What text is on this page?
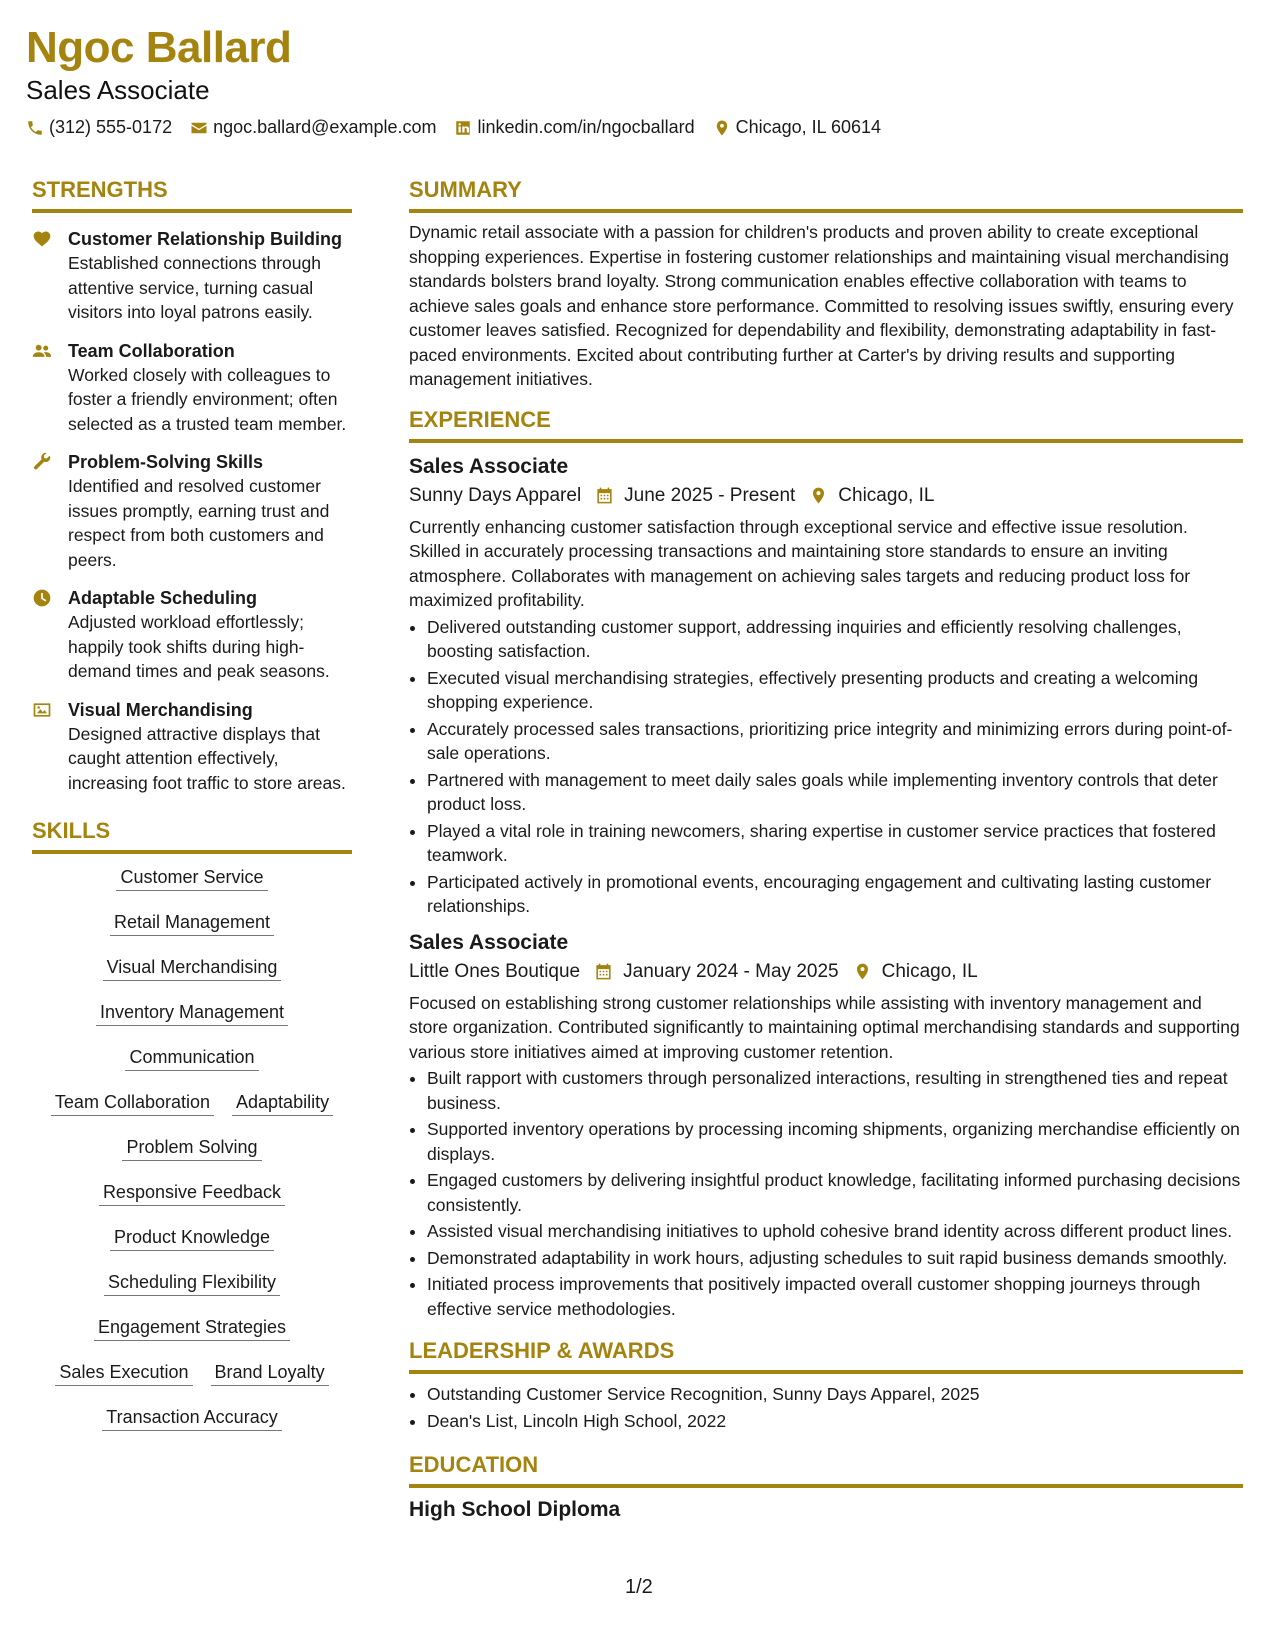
Ngoc Ballard
Sales Associate
(312) 555-0172 ngoc.ballard@example.com linkedin.com/in/ngocballard Chicago, IL 60614
STRENGTHS
Customer Relationship Building
Established connections through attentive service, turning casual visitors into loyal patrons easily.
Team Collaboration
Worked closely with colleagues to foster a friendly environment; often selected as a trusted team member.
Problem-Solving Skills
Identified and resolved customer issues promptly, earning trust and respect from both customers and peers.
Adaptable Scheduling
Adjusted workload effortlessly; happily took shifts during high-demand times and peak seasons.
Visual Merchandising
Designed attractive displays that caught attention effectively, increasing foot traffic to store areas.
SKILLS
Customer Service
Retail Management
Visual Merchandising
Inventory Management
Communication
Team Collaboration Adaptability
Problem Solving
Responsive Feedback
Product Knowledge
Scheduling Flexibility
Engagement Strategies
Sales Execution Brand Loyalty
Transaction Accuracy
SUMMARY
Dynamic retail associate with a passion for children's products and proven ability to create exceptional shopping experiences. Expertise in fostering customer relationships and maintaining visual merchandising standards bolsters brand loyalty. Strong communication enables effective collaboration with teams to achieve sales goals and enhance store performance. Committed to resolving issues swiftly, ensuring every customer leaves satisfied. Recognized for dependability and flexibility, demonstrating adaptability in fast-paced environments. Excited about contributing further at Carter's by driving results and supporting management initiatives.
EXPERIENCE
Sales Associate
Sunny Days Apparel June 2025 - Present Chicago, IL
Currently enhancing customer satisfaction through exceptional service and effective issue resolution. Skilled in accurately processing transactions and maintaining store standards to ensure an inviting atmosphere. Collaborates with management on achieving sales targets and reducing product loss for maximized profitability.
• Delivered outstanding customer support, addressing inquiries and efficiently resolving challenges, boosting satisfaction.
• Executed visual merchandising strategies, effectively presenting products and creating a welcoming shopping experience.
• Accurately processed sales transactions, prioritizing price integrity and minimizing errors during point-of-sale operations.
• Partnered with management to meet daily sales goals while implementing inventory controls that deter product loss.
• Played a vital role in training newcomers, sharing expertise in customer service practices that fostered teamwork.
• Participated actively in promotional events, encouraging engagement and cultivating lasting customer relationships.
Sales Associate
Little Ones Boutique January 2024 - May 2025 Chicago, IL
Focused on establishing strong customer relationships while assisting with inventory management and store organization. Contributed significantly to maintaining optimal merchandising standards and supporting various store initiatives aimed at improving customer retention.
• Built rapport with customers through personalized interactions, resulting in strengthened ties and repeat business.
• Supported inventory operations by processing incoming shipments, organizing merchandise efficiently on displays.
• Engaged customers by delivering insightful product knowledge, facilitating informed purchasing decisions consistently.
• Assisted visual merchandising initiatives to uphold cohesive brand identity across different product lines.
• Demonstrated adaptability in work hours, adjusting schedules to suit rapid business demands smoothly.
• Initiated process improvements that positively impacted overall customer shopping journeys through effective service methodologies.
LEADERSHIP & AWARDS
• Outstanding Customer Service Recognition, Sunny Days Apparel, 2025
• Dean's List, Lincoln High School, 2022
EDUCATION
High School Diploma
1/2
